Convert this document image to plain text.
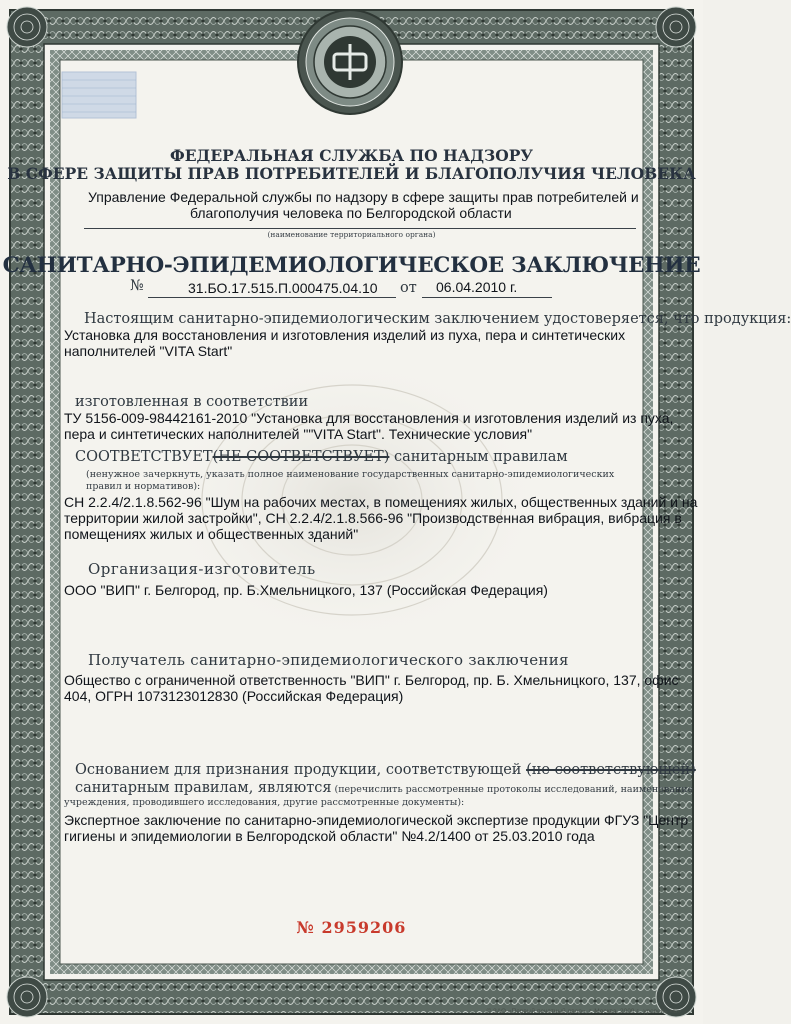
ФЕДЕРАЛЬНАЯ СЛУЖБА ПО НАДЗОРУ

В СФЕРЕ ЗАЩИТЫ ПРАВ ПОТРЕБИТЕЛЕЙ И БЛАГОПОЛУЧИЯ ЧЕЛОВЕКА

Управление Федеральной службы по надзору в сфере защиты прав потребителей и

благополучия человека по Белгородской области

(наименование территориального органа)

САНИТАРНО-ЭПИДЕМИОЛОГИЧЕСКОЕ ЗАКЛЮЧЕНИЕ

№	31.БО.17.515.П.000475.04.10 от 06.04.2010 г.

Настоящим санитарно-эпидемиологическим заключением удостоверяется, что продукция:

Установка для восстановления и изготовления изделий из пуха, пера и синтетических

наполнителей "VITA Start"

изготовленная в соответствии

ТУ 5156-009-98442161-2010 "Установка для восстановления и изготовления изделий из пуха,

пера и синтетических наполнителей ""VITA Start". Технические условия"

СООТВЕТСТВУЕТ(НЕ СООТВЕТСТВУЕТ) санитарным правилам

(ненужное зачеркнуть, указать полное наименование государственных санитарно-эпидемиологических

правил и нормативов):

СН 2.2.4/2.1.8.562-96 "Шум на рабочих местах, в помещениях жилых, общественных зданий и на

территории жилой застройки", СН 2.2.4/2.1.8.566-96 "Производственная вибрация, вибрация в

помещениях жилых и общественных зданий"

Организация-изготовитель

ООО "ВИП" г. Белгород, пр. Б.Хмельницкого, 137 (Российская Федерация)

Получатель санитарно-эпидемиологического заключения

Общество с ограниченной ответственность "ВИП" г. Белгород, пр. Б. Хмельницкого, 137, офис

404, ОГРН 1073123012830 (Российская Федерация)

Основанием для признания продукции, соответствующей (не соответствующей)

санитарным правилам, являются (перечислить рассмотренные протоколы исследований, наименование

учреждения, проводившего исследования, другие рассмотренные документы):

Экспертное заключение по санитарно-эпидемиологической экспертизе продукции ФГУЗ "Центр

гигиены и эпидемиологии в Белгородской области" №4.2/1400 от 25.03.2010 года

№ 2959206

© ЗАО «Первый печатный двор», г. Москва, 2009 г., уровень «Б»
